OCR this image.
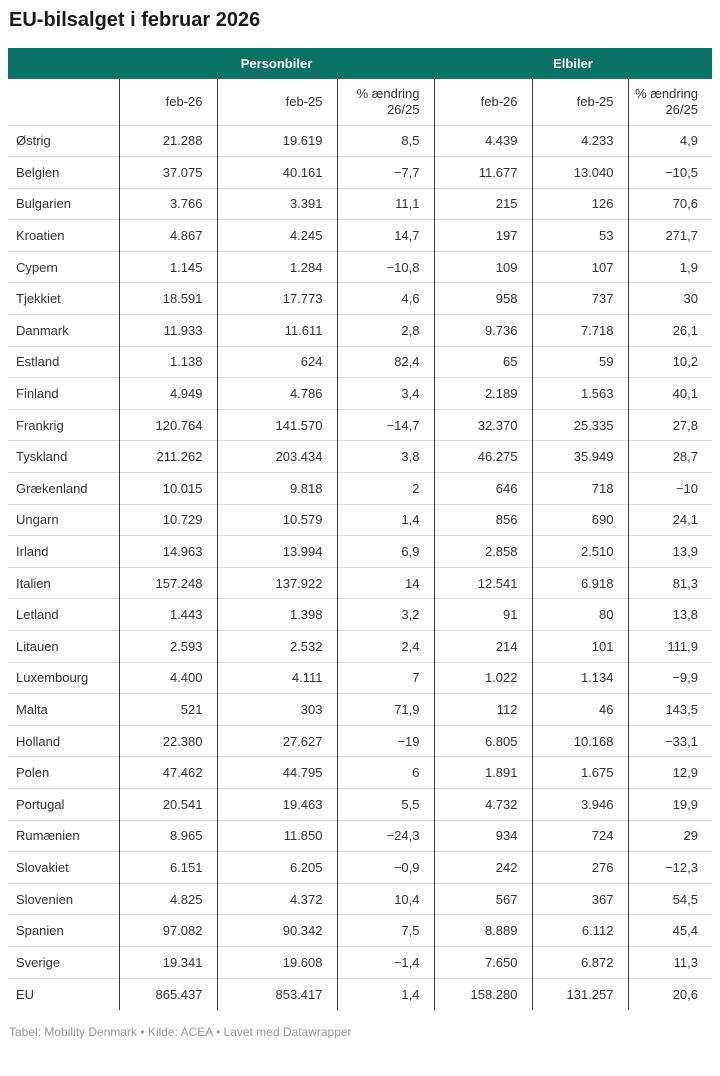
EU-bilsalget i februar 2026
	Personbiler			Elbiler		
	feb-26	feb-25	% ændring 26/25	feb-26	feb-25	% ændring 26/25
Østrig	21.288	19.619	8,5	4.439	4.233	4,9
Belgien	37.075	40.161	−7,7	11.677	13.040	−10,5
Bulgarien	3.766	3.391	11,1	215	126	70,6
Kroatien	4.867	4.245	14,7	197	53	271,7
Cypern	1.145	1.284	−10,8	109	107	1,9
Tjekkiet	18.591	17.773	4,6	958	737	30
Danmark	11.933	11.611	2,8	9.736	7.718	26,1
Estland	1.138	624	82,4	65	59	10,2
Finland	4.949	4.786	3,4	2.189	1.563	40,1
Frankrig	120.764	141.570	−14,7	32.370	25.335	27,8
Tyskland	211.262	203.434	3,8	46.275	35.949	28,7
Grækenland	10.015	9.818	2	646	718	−10
Ungarn	10.729	10.579	1,4	856	690	24,1
Irland	14.963	13.994	6,9	2.858	2.510	13,9
Italien	157.248	137.922	14	12.541	6.918	81,3
Letland	1.443	1.398	3,2	91	80	13,8
Litauen	2.593	2.532	2,4	214	101	111,9
Luxembourg	4.400	4.111	7	1.022	1.134	−9,9
Malta	521	303	71,9	112	46	143,5
Holland	22.380	27.627	−19	6.805	10.168	−33,1
Polen	47.462	44.795	6	1.891	1.675	12,9
Portugal	20.541	19.463	5,5	4.732	3.946	19,9
Rumænien	8.965	11.850	−24,3	934	724	29
Slovakiet	6.151	6.205	−0,9	242	276	−12,3
Slovenien	4.825	4.372	10,4	567	367	54,5
Spanien	97.082	90.342	7,5	8.889	6.112	45,4
Sverige	19.341	19.608	−1,4	7.650	6.872	11,3
EU	865.437	853.417	1,4	158.280	131.257	20,6
Tabel: Mobility Denmark • Kilde: ACEA • Lavet med Datawrapper
